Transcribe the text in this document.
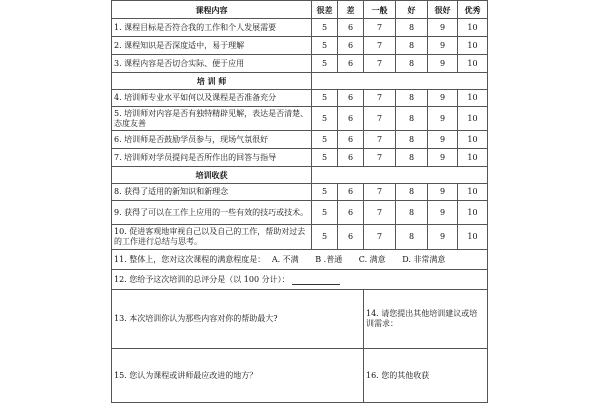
课程内容	很差	差	一般	好	很好	优秀
1. 课程目标是否符合我的工作和个人发展需要	5	6	7	8	9	10
2. 课程知识是否深度适中，易于理解	5	6	7	8	9	10
3. 课程内容是否切合实际、便于应用	5	6	7	8	9	10
培 训 师						
4. 培训师专业水平如何以及课程是否准备充分	5	6	7	8	9	10
5. 培训师对内容是否有独特精辟见解，表达是否清楚、态度友善	5	6	7	8	9	10
6. 培训师是否鼓励学员参与，现场气氛很好	5	6	7	8	9	10
7. 培训师对学员提问是否所作出的回答与指导	5	6	7	8	9	10
培训收获						
8. 获得了适用的新知识和新理念	5	6	7	8	9	10
9. 获得了可以在工作上应用的一些有效的技巧或技术。	5	6	7	8	9	10
10. 促进客观地审视自己以及自己的工作，帮助对过去的工作进行总结与思考。	5	6	7	8	9	10
11. 整体上，您对这次课程的满意程度是： A. 不满 B .普通 C. 满意 D. 非常满意						
12. 您给予这次培训的总评分是（以 100 分计）：						
13. 本次培训你认为那些内容对你的帮助最大?			14. 请您提出其他培训建议或培训需求：			
15. 您认为课程或讲师最应改进的地方？			16. 您的其他收获			
